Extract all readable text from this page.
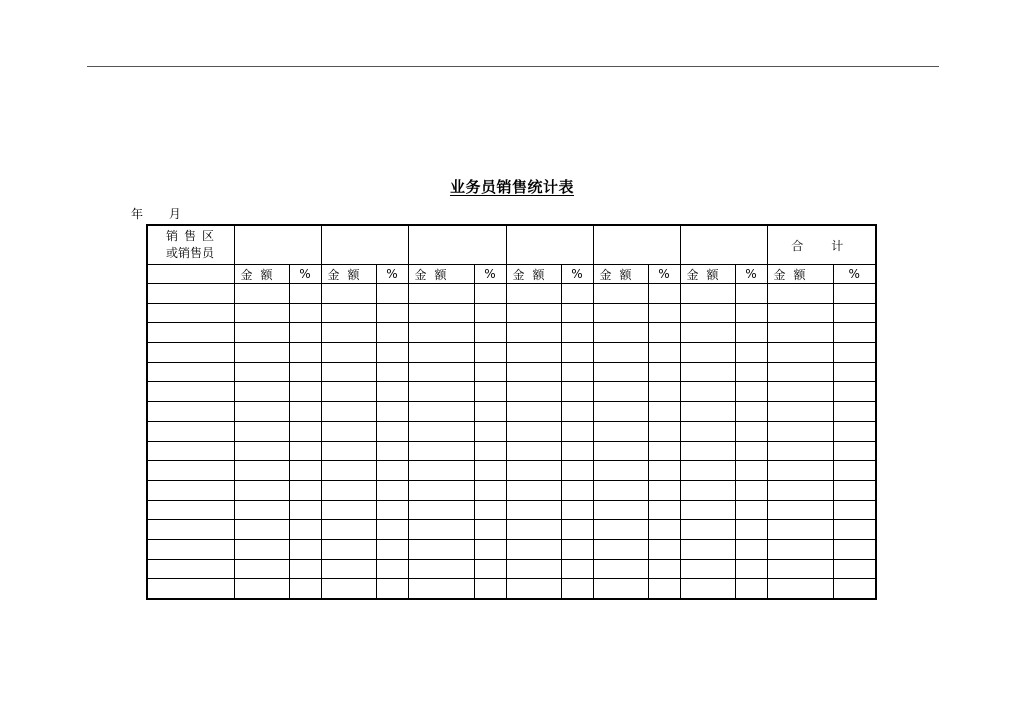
业务员销售统计表
年 月
销售区
或销售员													合计	
	金额	%	金额	%	金额	%	金额	%	金额	%	金额	%	金额	%
